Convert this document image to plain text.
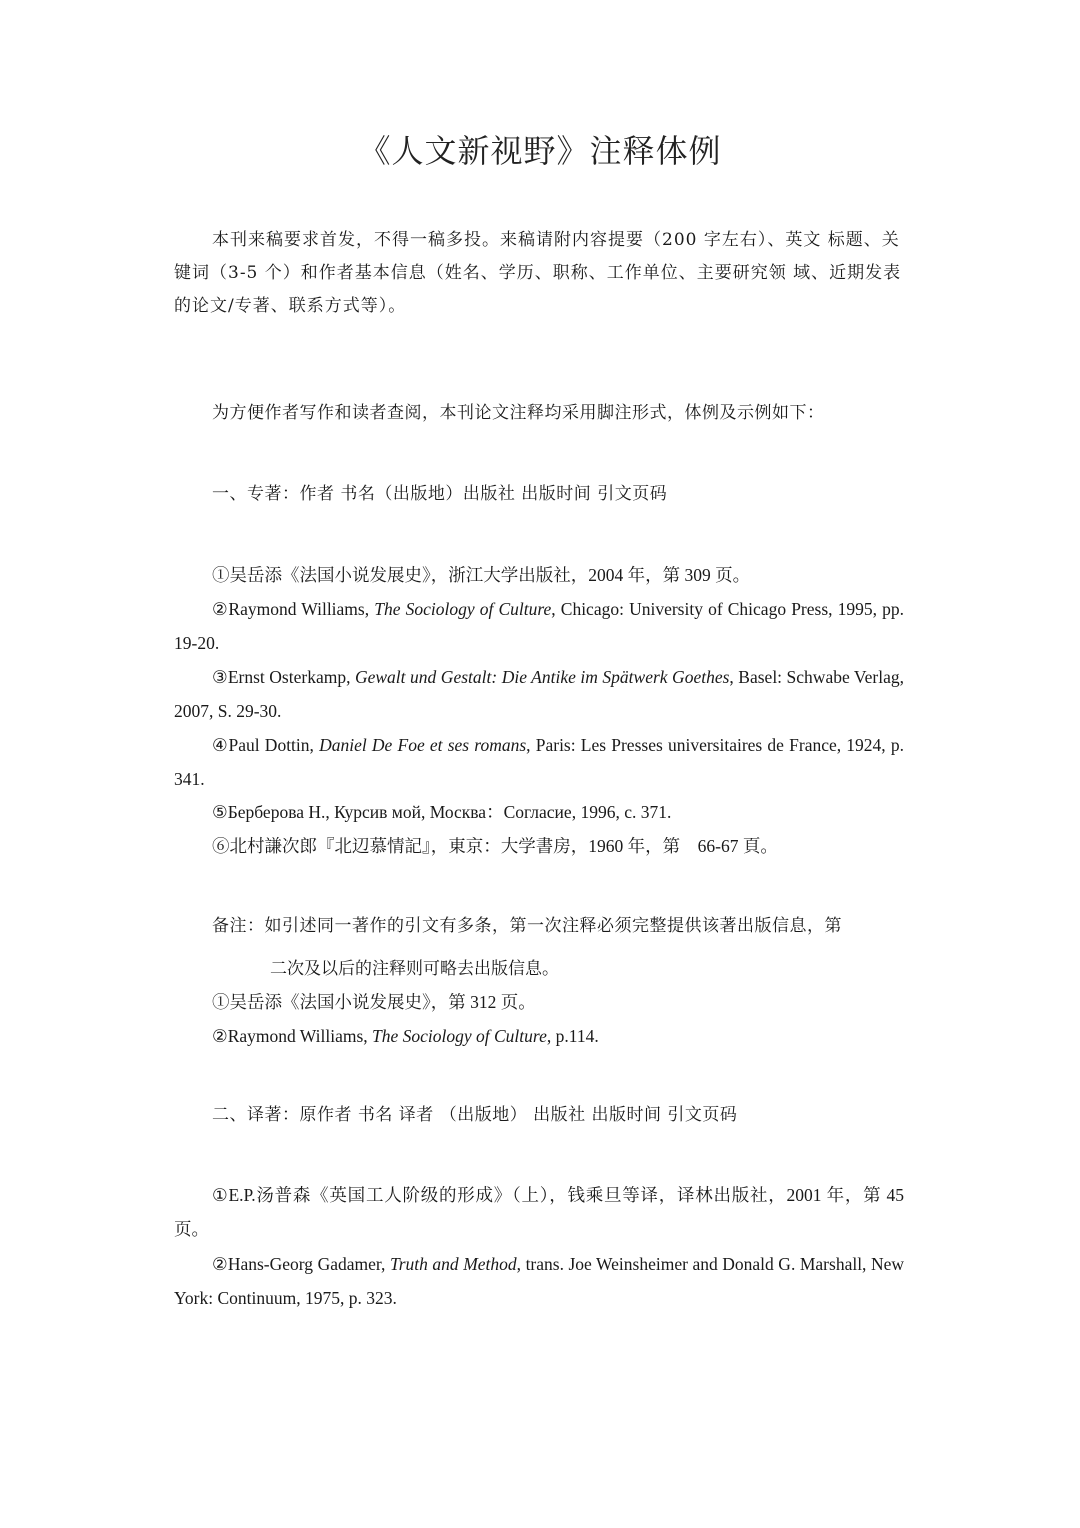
《人文新视野》注释体例
本刊来稿要求首发，不得一稿多投。来稿请附内容提要（200 字左右）、英文 标题、关键词（3-5 个）和作者基本信息（姓名、学历、职称、工作单位、主要研究领 域、近期发表的论文/专著、联系方式等）。
为方便作者写作和读者查阅，本刊论文注释均采用脚注形式，体例及示例如下：
一、专著：作者 书名（出版地）出版社 出版时间 引文页码
①吴岳添《法国小说发展史》，浙江大学出版社，2004 年，第 309 页。
②Raymond Williams, The Sociology of Culture, Chicago: University of Chicago Press, 1995, pp. 19-20.
③Ernst Osterkamp, Gewalt und Gestalt: Die Antike im Spätwerk Goethes, Basel: Schwabe Verlag, 2007, S. 29-30.
④Paul Dottin, Daniel De Foe et ses romans, Paris: Les Presses universitaires de France, 1924, p. 341.
⑤Берберова Н., Курсив мой, Москва：Согласие, 1996, с. 371.
⑥北村謙次郎『北辺慕情記』，東京：大学書房，1960 年，第　66-67 頁。
备注：如引述同一著作的引文有多条，第一次注释必须完整提供该著出版信息，第
二次及以后的注释则可略去出版信息。
①吴岳添《法国小说发展史》，第 312 页。
②Raymond Williams, The Sociology of Culture, p.114.
二、译著：原作者 书名 译者 （出版地） 出版社 出版时间 引文页码
①E.P.汤普森《英国工人阶级的形成》（上），钱乘旦等译，译林出版社，2001 年，第 45 页。
②Hans-Georg Gadamer, Truth and Method, trans. Joe Weinsheimer and Donald G. Marshall, New York: Continuum, 1975, p. 323.
